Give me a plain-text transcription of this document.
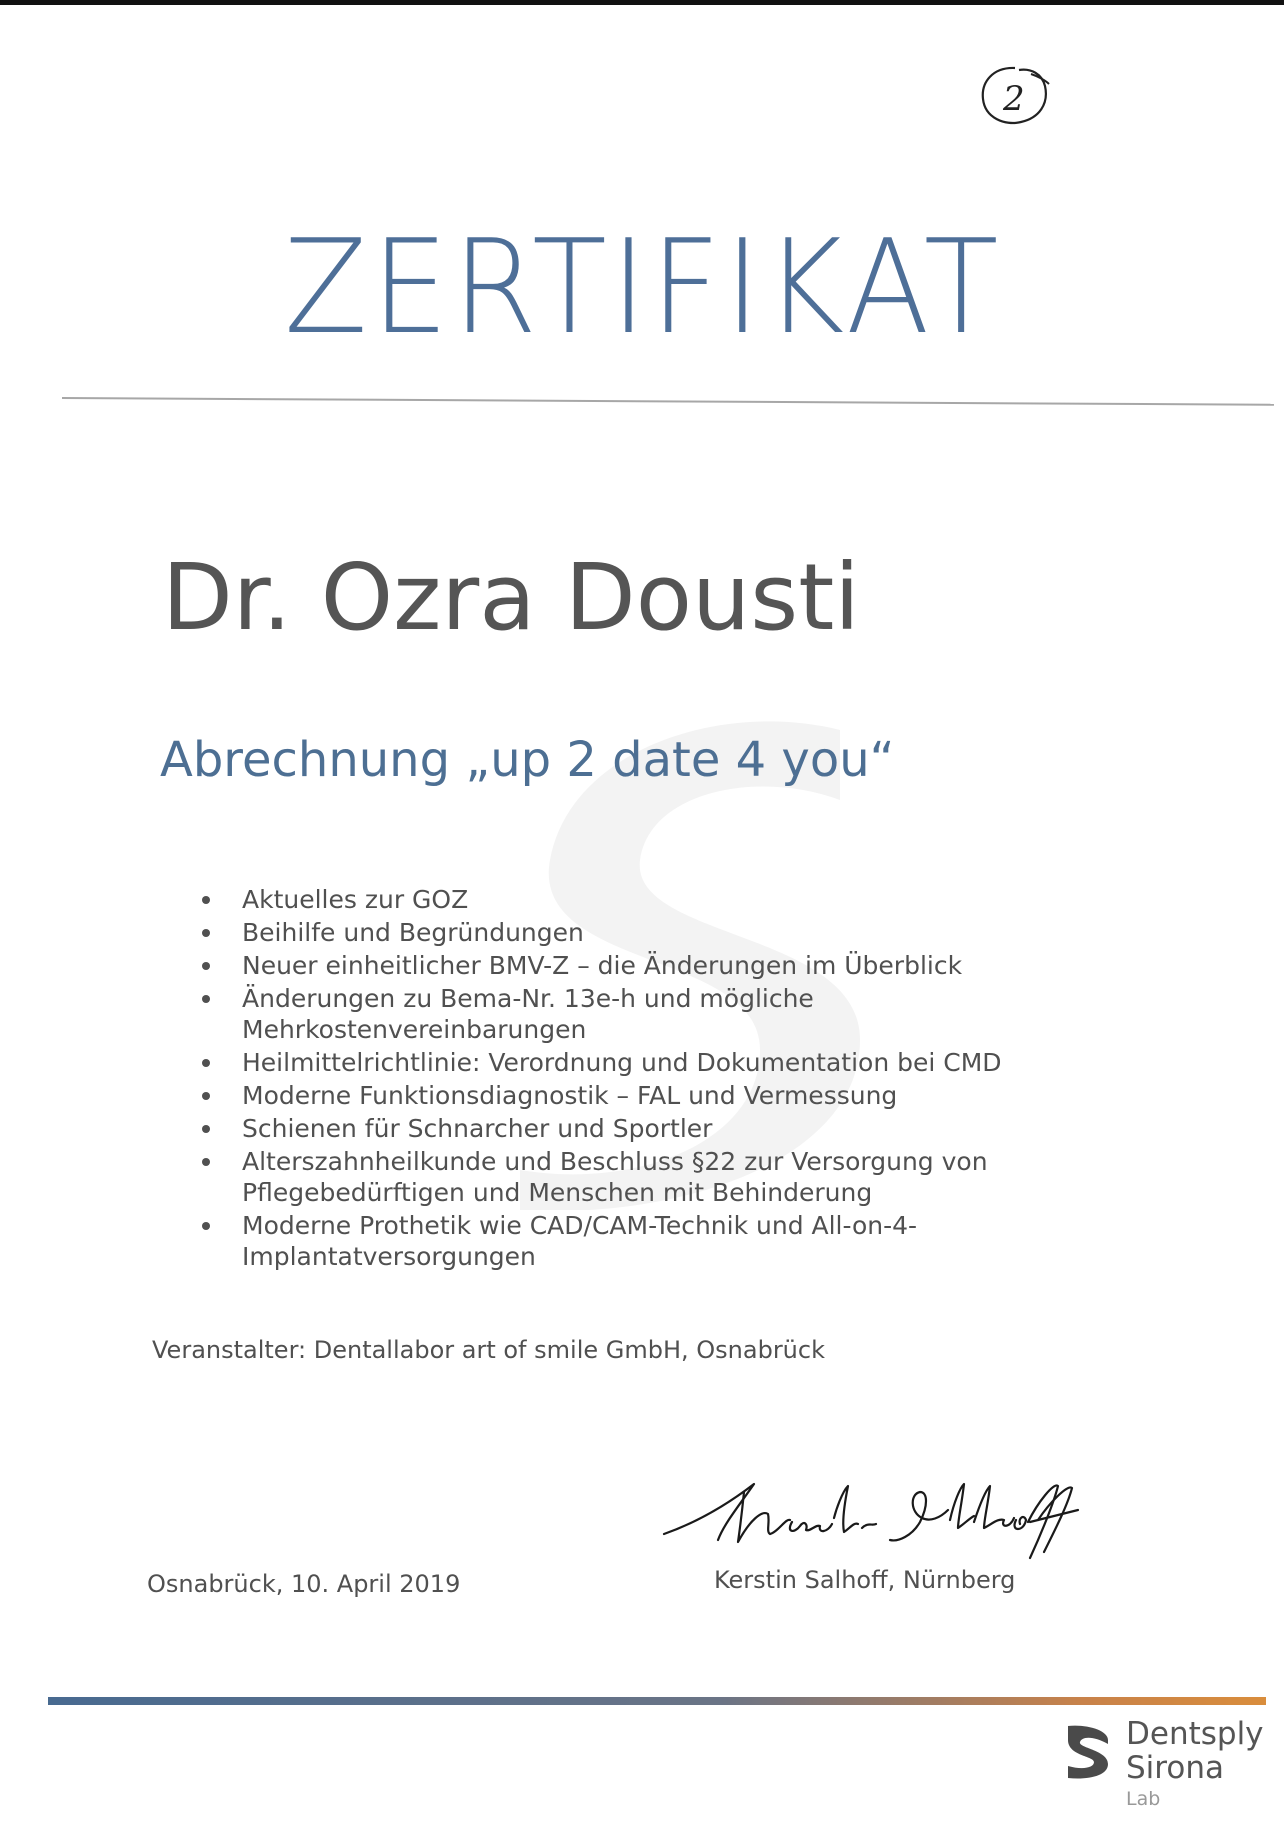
2
ZERTIFIKAT
Dr. Ozra Dousti
Abrechnung „up 2 date 4 you“
Aktuelles zur GOZ
Beihilfe und Begründungen
Neuer einheitlicher BMV-Z – die Änderungen im Überblick
Änderungen zu Bema-Nr. 13e-h und mögliche Mehrkostenvereinbarungen
Heilmittelrichtlinie: Verordnung und Dokumentation bei CMD
Moderne Funktionsdiagnostik – FAL und Vermessung
Schienen für Schnarcher und Sportler
Alterszahnheilkunde und Beschluss §22 zur Versorgung von Pflegebedürftigen und Menschen mit Behinderung
Moderne Prothetik wie CAD/CAM-Technik und All-on-4-Implantatversorgungen
Veranstalter: Dentallabor art of smile GmbH, Osnabrück
Osnabrück, 10. April 2019	Kerstin Salhoff, Nürnberg
Dentsply
Sirona
Lab
